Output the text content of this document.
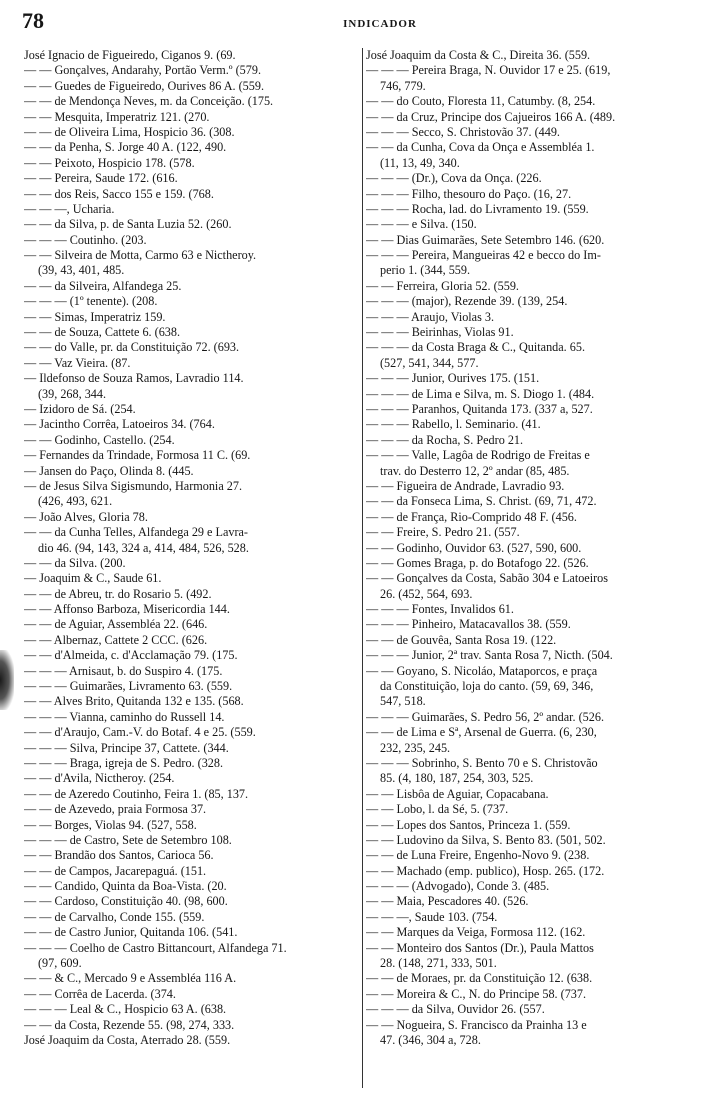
78	INDICADOR
José Ignacio de Figueiredo, Ciganos 9. (69.
— — Gonçalves, Andarahy, Portão Verm.º (579.
— — Guedes de Figueiredo, Ourives 86 A. (559.
— — de Mendonça Neves, m. da Conceição. (175.
— — Mesquita, Imperatriz 121. (270.
— — de Oliveira Lima, Hospicio 36. (308.
— — da Penha, S. Jorge 40 A. (122, 490.
— — Peixoto, Hospicio 178. (578.
— — Pereira, Saude 172. (616.
— — dos Reis, Sacco 155 e 159. (768.
— — —, Ucharia.
— — da Silva, p. de Santa Luzia 52. (260.
— — — Coutinho. (203.
— — Silveira de Motta, Carmo 63 e Nictheroy.
(39, 43, 401, 485.
— — da Silveira, Alfandega 25.
— — — (1º tenente). (208.
— — Simas, Imperatriz 159.
— — de Souza, Cattete 6. (638.
— — do Valle, pr. da Constituição 72. (693.
— — Vaz Vieira. (87.
— Ildefonso de Souza Ramos, Lavradio 114.
(39, 268, 344.
— Izidoro de Sá. (254.
— Jacintho Corrêa, Latoeiros 34. (764.
— — Godinho, Castello. (254.
— Fernandes da Trindade, Formosa 11 C. (69.
— Jansen do Paço, Olinda 8. (445.
— de Jesus Silva Sigismundo, Harmonia 27.
(426, 493, 621.
— João Alves, Gloria 78.
— — da Cunha Telles, Alfandega 29 e Lavra-
dio 46. (94, 143, 324 a, 414, 484, 526, 528.
— — da Silva. (200.
— Joaquim & C., Saude 61.
— — de Abreu, tr. do Rosario 5. (492.
— — Affonso Barboza, Misericordia 144.
— — de Aguiar, Assembléa 22. (646.
— — Albernaz, Cattete 2 CCC. (626.
— — d'Almeida, c. d'Acclamação 79. (175.
— — — Arnisaut, b. do Suspiro 4. (175.
— — — Guimarães, Livramento 63. (559.
— — Alves Brito, Quitanda 132 e 135. (568.
— — — Vianna, caminho do Russell 14.
— — d'Araujo, Cam.-V. do Botaf. 4 e 25. (559.
— — — Silva, Principe 37, Cattete. (344.
— — — Braga, igreja de S. Pedro. (328.
— — d'Avila, Nictheroy. (254.
— — de Azeredo Coutinho, Feira 1. (85, 137.
— — de Azevedo, praia Formosa 37.
— — Borges, Violas 94. (527, 558.
— — — de Castro, Sete de Setembro 108.
— — Brandão dos Santos, Carioca 56.
— — de Campos, Jacarepaguá. (151.
— — Candido, Quinta da Boa-Vista. (20.
— — Cardoso, Constituição 40. (98, 600.
— — de Carvalho, Conde 155. (559.
— — de Castro Junior, Quitanda 106. (541.
— — — Coelho de Castro Bittancourt, Alfandega 71.
(97, 609.
— — & C., Mercado 9 e Assembléa 116 A.
— — Corrêa de Lacerda. (374.
— — — Leal & C., Hospicio 63 A. (638.
— — da Costa, Rezende 55. (98, 274, 333.
José Joaquim da Costa, Aterrado 28. (559.
José Joaquim da Costa & C., Direita 36. (559.
— — — Pereira Braga, N. Ouvidor 17 e 25. (619,
746, 779.
— — do Couto, Floresta 11, Catumby. (8, 254.
— — da Cruz, Principe dos Cajueiros 166 A. (489.
— — — Secco, S. Christovão 37. (449.
— — da Cunha, Cova da Onça e Assembléa 1.
(11, 13, 49, 340.
— — — (Dr.), Cova da Onça. (226.
— — — Filho, thesouro do Paço. (16, 27.
— — — Rocha, lad. do Livramento 19. (559.
— — — e Silva. (150.
— — Dias Guimarães, Sete Setembro 146. (620.
— — — Pereira, Mangueiras 42 e becco do Im-
perio 1. (344, 559.
— — Ferreira, Gloria 52. (559.
— — — (major), Rezende 39. (139, 254.
— — — Araujo, Violas 3.
— — — Beirinhas, Violas 91.
— — — da Costa Braga & C., Quitanda. 65.
(527, 541, 344, 577.
— — — Junior, Ourives 175. (151.
— — — de Lima e Silva, m. S. Diogo 1. (484.
— — — Paranhos, Quitanda 173. (337 a, 527.
— — — Rabello, l. Seminario. (41.
— — — da Rocha, S. Pedro 21.
— — — Valle, Lagôa de Rodrigo de Freitas e
trav. do Desterro 12, 2º andar (85, 485.
— — Figueira de Andrade, Lavradio 93.
— — da Fonseca Lima, S. Christ. (69, 71, 472.
— — de França, Rio-Comprido 48 F. (456.
— — Freire, S. Pedro 21. (557.
— — Godinho, Ouvidor 63. (527, 590, 600.
— — Gomes Braga, p. do Botafogo 22. (526.
— — Gonçalves da Costa, Sabão 304 e Latoeiros
26. (452, 564, 693.
— — — Fontes, Invalidos 61.
— — — Pinheiro, Matacavallos 38. (559.
— — de Gouvêa, Santa Rosa 19. (122.
— — — Junior, 2ª trav. Santa Rosa 7, Nicth. (504.
— — Goyano, S. Nicoláo, Mataporcos, e praça
da Constituição, loja do canto. (59, 69, 346,
547, 518.
— — — Guimarães, S. Pedro 56, 2º andar. (526.
— — de Lima e Sª, Arsenal de Guerra. (6, 230,
232, 235, 245.
— — — Sobrinho, S. Bento 70 e S. Christovão
85. (4, 180, 187, 254, 303, 525.
— — Lisbôa de Aguiar, Copacabana.
— — Lobo, l. da Sé, 5. (737.
— — Lopes dos Santos, Princeza 1. (559.
— — Ludovino da Silva, S. Bento 83. (501, 502.
— — de Luna Freire, Engenho-Novo 9. (238.
— — Machado (emp. publico), Hosp. 265. (172.
— — — (Advogado), Conde 3. (485.
— — Maia, Pescadores 40. (526.
— — —, Saude 103. (754.
— — Marques da Veiga, Formosa 112. (162.
— — Monteiro dos Santos (Dr.), Paula Mattos
28. (148, 271, 333, 501.
— — de Moraes, pr. da Constituição 12. (638.
— — Moreira & C., N. do Principe 58. (737.
— — — da Silva, Ouvidor 26. (557.
— — Nogueira, S. Francisco da Prainha 13 e
47. (346, 304 a, 728.
